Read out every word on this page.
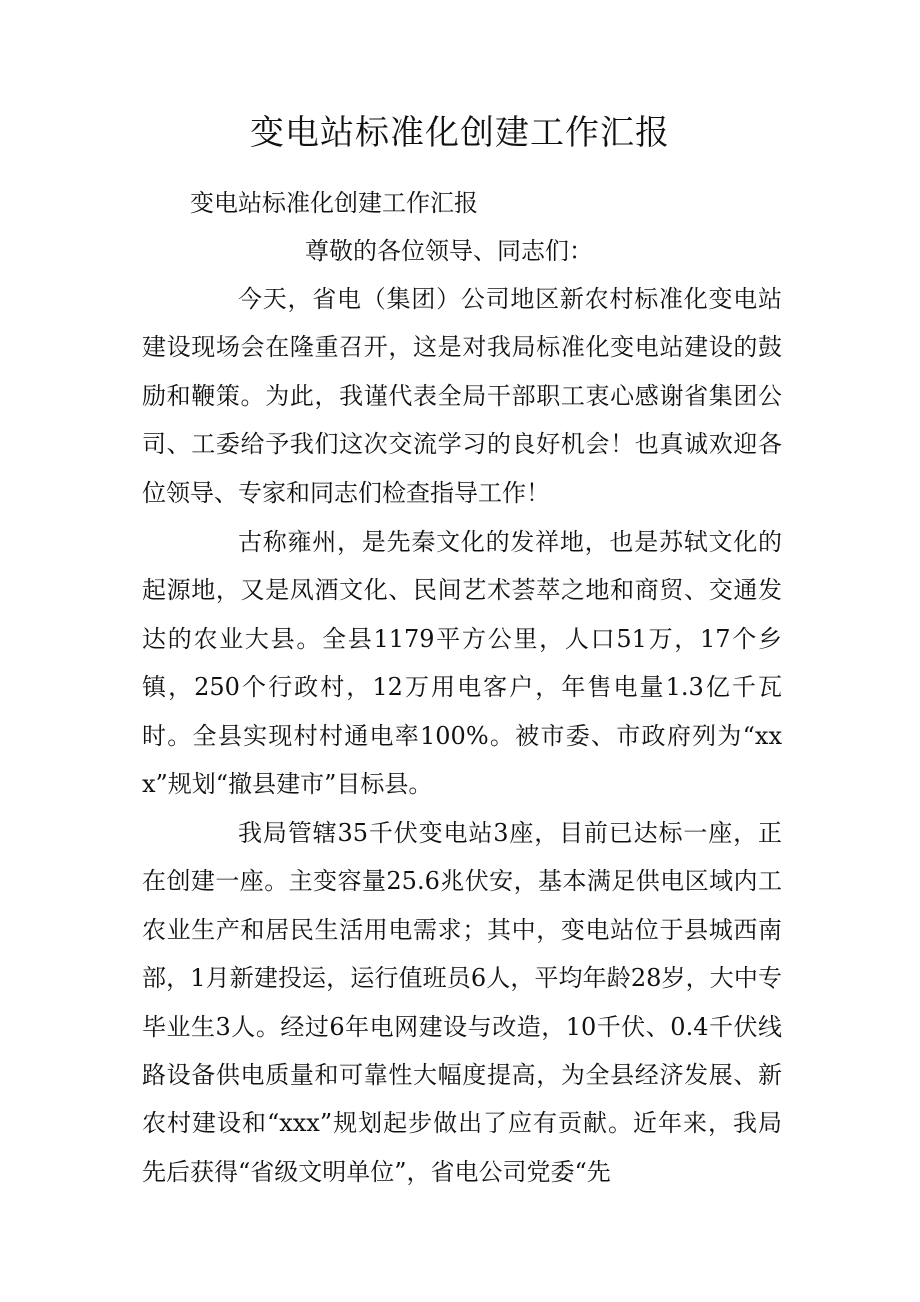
变电站标准化创建工作汇报

变电站标准化创建工作汇报

尊敬的各位领导、同志们：

今天，省电（集团）公司地区新农村标准化变电站建设现场会在隆重召开，这是对我局标准化变电站建设的鼓励和鞭策。为此，我谨代表全局干部职工衷心感谢省集团公司、工委给予我们这次交流学习的良好机会！也真诚欢迎各位领导、专家和同志们检查指导工作！

古称雍州，是先秦文化的发祥地，也是苏轼文化的起源地，又是凤酒文化、民间艺术荟萃之地和商贸、交通发达的农业大县。全县1179平方公里，人口51万，17个乡镇，250个行政村，12万用电客户，年售电量1.3亿千瓦时。全县实现村村通电率100%。被市委、市政府列为“xxx”规划“撤县建市”目标县。

我局管辖35千伏变电站3座，目前已达标一座，正在创建一座。主变容量25.6兆伏安，基本满足供电区域内工农业生产和居民生活用电需求；其中，变电站位于县城西南部，1月新建投运，运行值班员6人，平均年龄28岁，大中专毕业生3人。经过6年电网建设与改造，10千伏、0.4千伏线路设备供电质量和可靠性大幅度提高，为全县经济发展、新农村建设和“xxx”规划起步做出了应有贡献。近年来，我局先后获得“省级文明单位”，省电公司党委“先
